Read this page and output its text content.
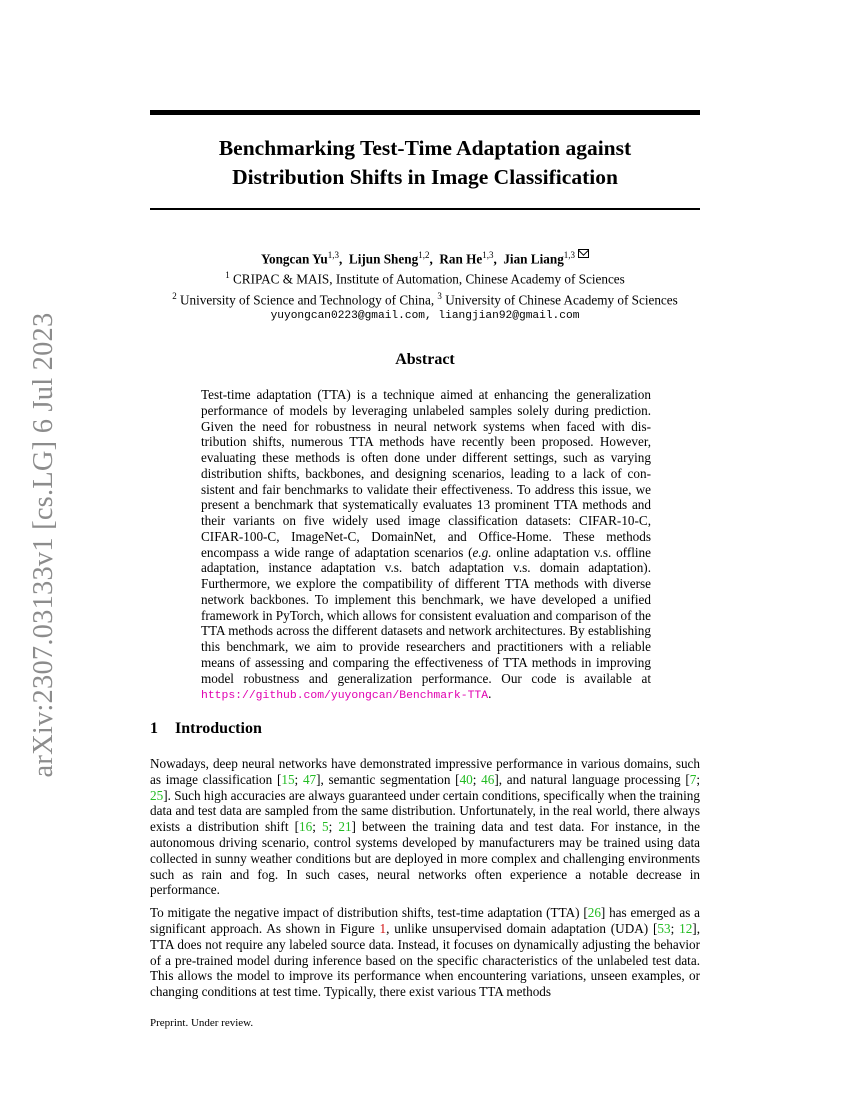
arXiv:2307.03133v1 [cs.LG] 6 Jul 2023
Benchmarking Test-Time Adaptation against
Distribution Shifts in Image Classification
Yongcan Yu$^{1,3}$,  Lijun Sheng$^{1,2}$,  Ran He$^{1,3}$,  Jian Liang$^{1,3}$
$^1$ CRIPAC & MAIS, Institute of Automation, Chinese Academy of Sciences
$^2$ University of Science and Technology of China, $^3$ University of Chinese Academy of Sciences
yuyongcan0223@gmail.com, liangjian92@gmail.com
Abstract

Test-time adaptation (TTA) is a technique aimed at enhancing the generalization performance of models by leveraging unlabeled samples solely during prediction. Given the need for robustness in neural network systems when faced with distribution shifts, numerous TTA methods have recently been proposed. However, evaluating these methods is often done under different settings, such as varying distribution shifts, backbones, and designing scenarios, leading to a lack of consistent and fair benchmarks to validate their effectiveness. To address this issue, we present a benchmark that systematically evaluates 13 prominent TTA methods and their variants on five widely used image classification datasets: CIFAR-10-C, CIFAR-100-C, ImageNet-C, DomainNet, and Office-Home. These methods encompass a wide range of adaptation scenarios (e.g. online adaptation v.s. offline adaptation, instance adaptation v.s. batch adaptation v.s. domain adaptation). Furthermore, we explore the compatibility of different TTA methods with diverse network backbones. To implement this benchmark, we have developed a unified framework in PyTorch, which allows for consistent evaluation and comparison of the TTA methods across the different datasets and network architectures. By establishing this benchmark, we aim to provide researchers and practitioners with a reliable means of assessing and comparing the effectiveness of TTA methods in improving model robustness and generalization performance. Our code is available at https://github.com/yuyongcan/Benchmark-TTA.

1 Introduction

Nowadays, deep neural networks have demonstrated impressive performance in various domains, such as image classification [15; 47], semantic segmentation [40; 46], and natural language processing [7; 25]. Such high accuracies are always guaranteed under certain conditions, specifically when the training data and test data are sampled from the same distribution. Unfortunately, in the real world, there always exists a distribution shift [16; 5; 21] between the training data and test data. For instance, in the autonomous driving scenario, control systems developed by manufacturers may be trained using data collected in sunny weather conditions but are deployed in more complex and challenging environments such as rain and fog. In such cases, neural networks often experience a notable decrease in performance.

To mitigate the negative impact of distribution shifts, test-time adaptation (TTA) [26] has emerged as a significant approach. As shown in Figure 1, unlike unsupervised domain adaptation (UDA) [53; 12], TTA does not require any labeled source data. Instead, it focuses on dynamically adjusting the behavior of a pre-trained model during inference based on the specific characteristics of the unlabeled test data. This allows the model to improve its performance when encountering variations, unseen examples, or changing conditions at test time. Typically, there exist various TTA methods

Preprint. Under review.
